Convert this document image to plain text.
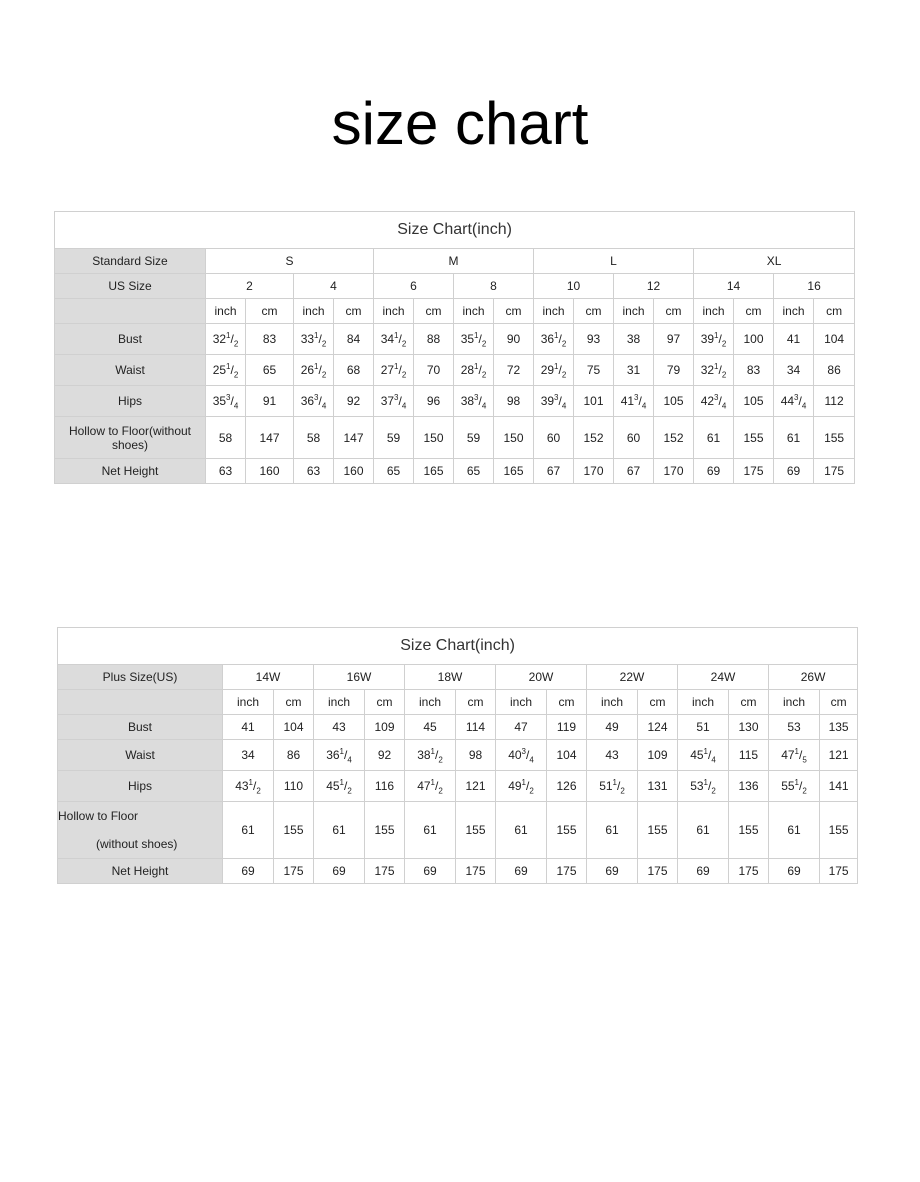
size chart
Size Chart(inch)																
Standard Size	S				M				L				XL			
US Size	2		4		6		8		10		12		14		16	
	inch	cm	inch	cm	inch	cm	inch	cm	inch	cm	inch	cm	inch	cm	inch	cm
Bust	$32^1/_2$	83	$33^1/_2$	84	$34^1/_2$	88	$35^1/_2$	90	$36^1/_2$	93	38	97	$39^1/_2$	100	41	104
Waist	$25^1/_2$	65	$26^1/_2$	68	$27^1/_2$	70	$28^1/_2$	72	$29^1/_2$	75	31	79	$32^1/_2$	83	34	86
Hips	$35^3/_4$	91	$36^3/_4$	92	$37^3/_4$	96	$38^3/_4$	98	$39^3/_4$	101	$41^3/_4$	105	$42^3/_4$	105	$44^3/_4$	112
Hollow to Floor(without shoes)	58	147	58	147	59	150	59	150	60	152	60	152	61	155	61	155
Net Height	63	160	63	160	65	165	65	165	67	170	67	170	69	175	69	175
Size Chart(inch)														
Plus Size(US)	14W		16W		18W		20W		22W		24W		26W	
	inch	cm	inch	cm	inch	cm	inch	cm	inch	cm	inch	cm	inch	cm
Bust	41	104	43	109	45	114	47	119	49	124	51	130	53	135
Waist	34	86	$36^1/_4$	92	$38^1/_2$	98	$40^3/_4$	104	43	109	$45^1/_4$	115	$47^1/_5$	121
Hips	$43^1/_2$	110	$45^1/_2$	116	$47^1/_2$	121	$49^1/_2$	126	$51^1/_2$	131	$53^1/_2$	136	$55^1/_2$	141

Hollow to Floor
(without shoes)	61	155	61	155	61	155	61	155	61	155	61	155	61	155
Net Height	69	175	69	175	69	175	69	175	69	175	69	175	69	175
